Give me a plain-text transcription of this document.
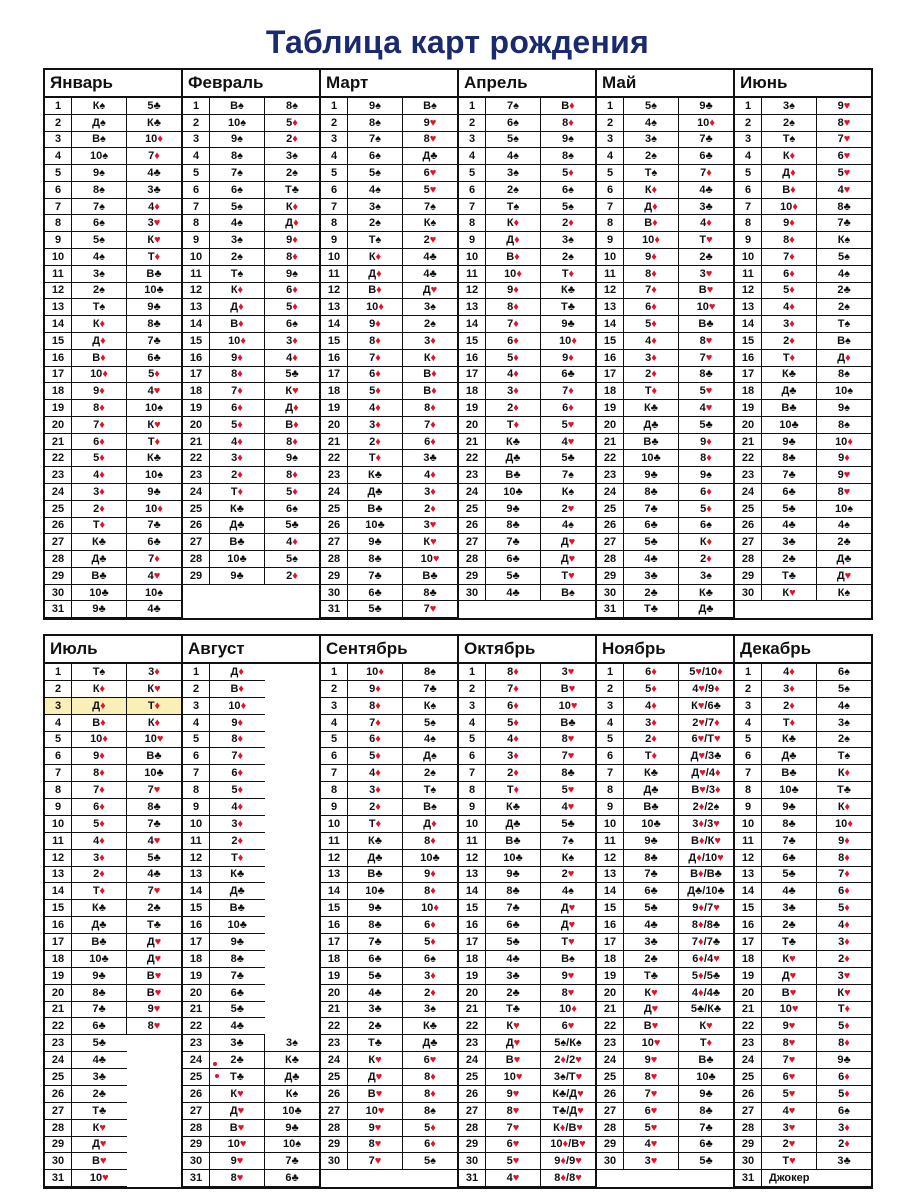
Таблица карт рождения
Январь
1	К♠	5♣
2	Д♠	К♣
3	В♠	10 ♦
4	10♠	7 ♦
5	9♠	4♣
6	8♠	3♣
7	7♠	4 ♦
8	6♠	3 ♥
9	5♠	К ♥
10	4♠	Т ♦
11	3♠	В♣
12	2♠	10♣
13	Т♠	9♣
14	К ♦	8♣
15	Д ♦	7♣
16	В ♦	6♣
17	10 ♦	5 ♦
18	9 ♦	4 ♥
19	8 ♦	10♠
20	7 ♦	К ♥
21	6 ♦	Т ♦
22	5 ♦	К♣
23	4 ♦	10♠
24	3 ♦	9♣
25	2 ♦	10 ♦
26	Т ♦	7♣
27	К♣	6♣
28	Д♣	7 ♦
29	В♣	4 ♥
30	10♣	10♠
31	9♣	4♣
Февраль
1	В♠	8♠
2	10♠	5 ♦
3	9♠	2 ♦
4	8♠	3♠
5	7♠	2♠
6	6♠	Т♣
7	5♠	К ♦
8	4♠	Д ♦
9	3♠	9 ♦
10	2♠	8 ♦
11	Т♠	9♠
12	К ♦	6 ♦
13	Д ♦	5 ♦
14	В ♦	6♠
15	10 ♦	3 ♦
16	9 ♦	4 ♦
17	8 ♦	5♣
18	7 ♦	К ♥
19	6 ♦	Д ♦
20	5 ♦	В ♦
21	4 ♦	8 ♦
22	3 ♦	9♠
23	2 ♦	8 ♦
24	Т ♦	5 ♦
25	К♣	6♠
26	Д♣	5♣
27	В♣	4 ♦
28	10♣	5♠
29	9♣	2 ♦
Март
1	9♠	В♠
2	8♠	9 ♥
3	7♠	8 ♥
4	6♠	Д♣
5	5♠	6 ♥
6	4♠	5 ♥
7	3♠	7♠
8	2♠	К♠
9	Т♠	2 ♥
10	К ♦	4♣
11	Д ♦	4♣
12	В ♦	Д ♥
13	10 ♦	3♠
14	9 ♦	2♠
15	8 ♦	3 ♦
16	7 ♦	К ♦
17	6 ♦	В ♦
18	5 ♦	В ♦
19	4 ♦	8 ♦
20	3 ♦	7 ♦
21	2 ♦	6 ♦
22	Т ♦	3♣
23	К♣	4 ♦
24	Д♣	3 ♦
25	В♣	2 ♦
26	10♣	3 ♥
27	9♣	К ♥
28	8♣	10 ♥
29	7♣	В♣
30	6♣	8♣
31	5♣	7 ♥
Апрель
1	7♠	В ♦
2	6♠	8 ♦
3	5♠	9♠
4	4♠	8♠
5	3♠	5 ♦
6	2♠	6♠
7	Т♠	5♠
8	К ♦	2 ♦
9	Д ♦	3♠
10	В ♦	2♠
11	10 ♦	Т ♦
12	9 ♦	К♣
13	8 ♦	Т♣
14	7 ♦	9♣
15	6 ♦	10 ♦
16	5 ♦	9 ♦
17	4 ♦	6♣
18	3 ♦	7 ♦
19	2 ♦	6 ♦
20	Т ♦	5 ♥
21	К♣	4 ♥
22	Д♣	5♣
23	В♣	7♠
24	10♣	К♠
25	9♣	2 ♥
26	8♣	4♠
27	7♣	Д ♥
28	6♣	Д ♥
29	5♣	Т ♥
30	4♣	В♠
Май
1	5♠	9♣
2	4♠	10 ♦
3	3♠	7♣
4	2♠	6♣
5	Т♠	7 ♦
6	К ♦	4♣
7	Д ♦	3♣
8	В ♦	4 ♦
9	10 ♦	Т ♥
10	9 ♦	2♣
11	8 ♦	3 ♥
12	7 ♦	В ♥
13	6 ♦	10 ♥
14	5 ♦	В♣
15	4 ♦	8 ♥
16	3 ♦	7 ♥
17	2 ♦	8♣
18	Т ♦	5 ♥
19	К♣	4 ♥
20	Д♣	5♣
21	В♣	9 ♦
22	10♣	8 ♦
23	9♣	9♠
24	8♣	6 ♦
25	7♣	5 ♦
26	6♣	6♠
27	5♣	К ♦
28	4♣	2 ♦
29	3♣	3♠
30	2♣	К♣
31	Т♣	Д♣
Июнь
1	3♠	9 ♥
2	2♠	8 ♥
3	Т♠	7 ♥
4	К ♦	6 ♥
5	Д ♦	5 ♥
6	В ♦	4 ♥
7	10 ♦	8♣
8	9 ♦	7♣
9	8 ♦	К♠
10	7 ♦	5♠
11	6 ♦	4♠
12	5 ♦	2♣
13	4 ♦	2♠
14	3 ♦	Т♠
15	2 ♦	В♠
16	Т ♦	Д ♦
17	К♣	8♠
18	Д♣	10♠
19	В♣	9♠
20	10♣	8♠
21	9♣	10 ♦
22	8♣	9 ♦
23	7♣	9 ♥
24	6♣	8 ♥
25	5♣	10♠
26	4♣	4♠
27	3♣	2♣
28	2♣	Д♣
29	Т♣	Д ♥
30	К ♥	К♠
Июль
1	Т♠	3 ♦
2	К ♦	К ♥
3	Д ♦	Т ♦
4	В ♦	К ♦
5	10 ♦	10 ♥
6	9 ♦	В♣
7	8 ♦	10♣
8	7 ♦	7 ♥
9	6 ♦	8♣
10	5 ♦	7♣
11	4 ♦	4 ♥
12	3 ♦	5♣
13	2 ♦	4♣
14	Т ♦	7 ♥
15	К♣	2♣
16	Д♣	Т♣
17	В♣	Д ♥
18	10♣	Д ♥
19	9♣	В ♥
20	8♣	В ♥
21	7♣	9 ♥
22	6♣	8 ♥
23	5♣
24	4♣
25	3♣
26	2♣
27	Т♣
28	К ♥
29	Д ♥
30	В ♥
31	10 ♥
Август
1	Д ♦
2	В ♦
3	10 ♦
4	9 ♦
5	8 ♦
6	7 ♦
7	6 ♦
8	5 ♦
9	4 ♦
10	3 ♦
11	2 ♦
12	Т ♦
13	К♣
14	Д♣
15	В♣
16	10♣
17	9♣
18	8♣
19	7♣
20	6♣
21	5♣
22	4♣
23	3♣	3♠
24	2♣	К♣
25	Т♣	Д♣
26	К ♥	К♠
27	Д ♥	10♣
28	В ♥	9♣
29	10 ♥	10♠
30	9 ♥	7♣
31	8 ♥	6♣
Сентябрь
1	10 ♦	8♠
2	9 ♦	7♣
3	8 ♦	К♠
4	7 ♦	5♠
5	6 ♦	4♠
6	5 ♦	Д♠
7	4 ♦	2♠
8	3 ♦	Т♠
9	2 ♦	В♠
10	Т ♦	Д ♦
11	К♣	8 ♦
12	Д♣	10♣
13	В♣	9 ♦
14	10♣	8 ♦
15	9♣	10 ♦
16	8♣	6 ♦
17	7♣	5 ♦
18	6♣	6♠
19	5♣	3 ♦
20	4♣	2 ♦
21	3♣	3♠
22	2♣	К♣
23	Т♣	Д♣
24	К ♥	6 ♥
25	Д ♥	8 ♦
26	В ♥	8 ♦
27	10 ♥	8♠
28	9 ♥	5 ♦
29	8 ♥	6 ♦
30	7 ♥	5♠
Октябрь
1	8 ♦	3 ♥
2	7 ♦	В ♥
3	6 ♦	10 ♥
4	5 ♦	В♣
5	4 ♦	8 ♥
6	3 ♦	7 ♥
7	2 ♦	8♣
8	Т ♦	5 ♥
9	К♣	4 ♥
10	Д♣	5♣
11	В♣	7♠
12	10♣	К♠
13	9♣	2 ♥
14	8♣	4♠
15	7♣	Д ♥
16	6♣	Д ♥
17	5♣	Т ♥
18	4♣	В♠
19	3♣	9 ♥
20	2♣	8 ♥
21	Т♣	10 ♦
22	К ♥	6 ♥
23	Д ♥	5♠/К♠
24	В ♥	2 ♦ /2 ♥
25	10 ♥	3♠/Т ♥
26	9 ♥	К♣/Д ♥
27	8 ♥	Т♣/Д ♥
28	7 ♥	К ♦ /В ♥
29	6 ♥	10 ♦ /В ♥
30	5 ♥	9 ♦ /9 ♥
31	4 ♥	8 ♦ /8 ♥
Ноябрь
1	6 ♦	5 ♥ /10 ♦
2	5 ♦	4 ♥ /9 ♦
3	4 ♦	К ♥ /6♣
4	3 ♦	2 ♥ /7 ♦
5	2 ♦	6 ♥ /Т ♥
6	Т ♦	Д ♥ /3♣
7	К♣	Д ♥ /4 ♦
8	Д♣	В ♥ /3 ♦
9	В♣	2 ♦ /2♠
10	10♣	3 ♦ /3 ♥
11	9♣	В ♦ /К ♥
12	8♣	Д ♦ /10 ♥
13	7♣	В ♦ /В♣
14	6♣	Д♣/10♣
15	5♣	9 ♦ /7 ♥
16	4♣	8 ♦ /8♣
17	3♣	7 ♦ /7♣
18	2♣	6 ♦ /4 ♥
19	Т♣	5 ♦ /5♣
20	К ♥	4 ♦ /4♣
21	Д ♥	5♣/К♣
22	В ♥	К ♥
23	10 ♥	Т ♦
24	9 ♥	В♣
25	8 ♥	10♣
26	7 ♥	9♣
27	6 ♥	8♣
28	5 ♥	7♣
29	4 ♥	6♣
30	3 ♥	5♣
Декабрь
1	4 ♦	6♠
2	3 ♦	5♠
3	2 ♦	4♠
4	Т ♦	3♠
5	К♣	2♠
6	Д♣	Т♠
7	В♣	К ♦
8	10♣	Т♣
9	9♣	К ♦
10	8♣	10 ♦
11	7♣	9 ♦
12	6♣	8 ♦
13	5♣	7 ♦
14	4♣	6 ♦
15	3♣	5 ♦
16	2♣	4 ♦
17	Т♣	3 ♦
18	К ♥	2 ♦
19	Д ♥	3 ♥
20	В ♥	К ♥
21	10 ♥	Т ♦
22	9 ♥	5 ♦
23	8 ♥	8 ♦
24	7 ♥	9♣
25	6 ♥	6 ♦
26	5 ♥	5 ♦
27	4 ♥	6♠
28	3 ♥	3 ♦
29	2 ♥	2 ♦
30	Т ♥	3♣
31	Джокер
